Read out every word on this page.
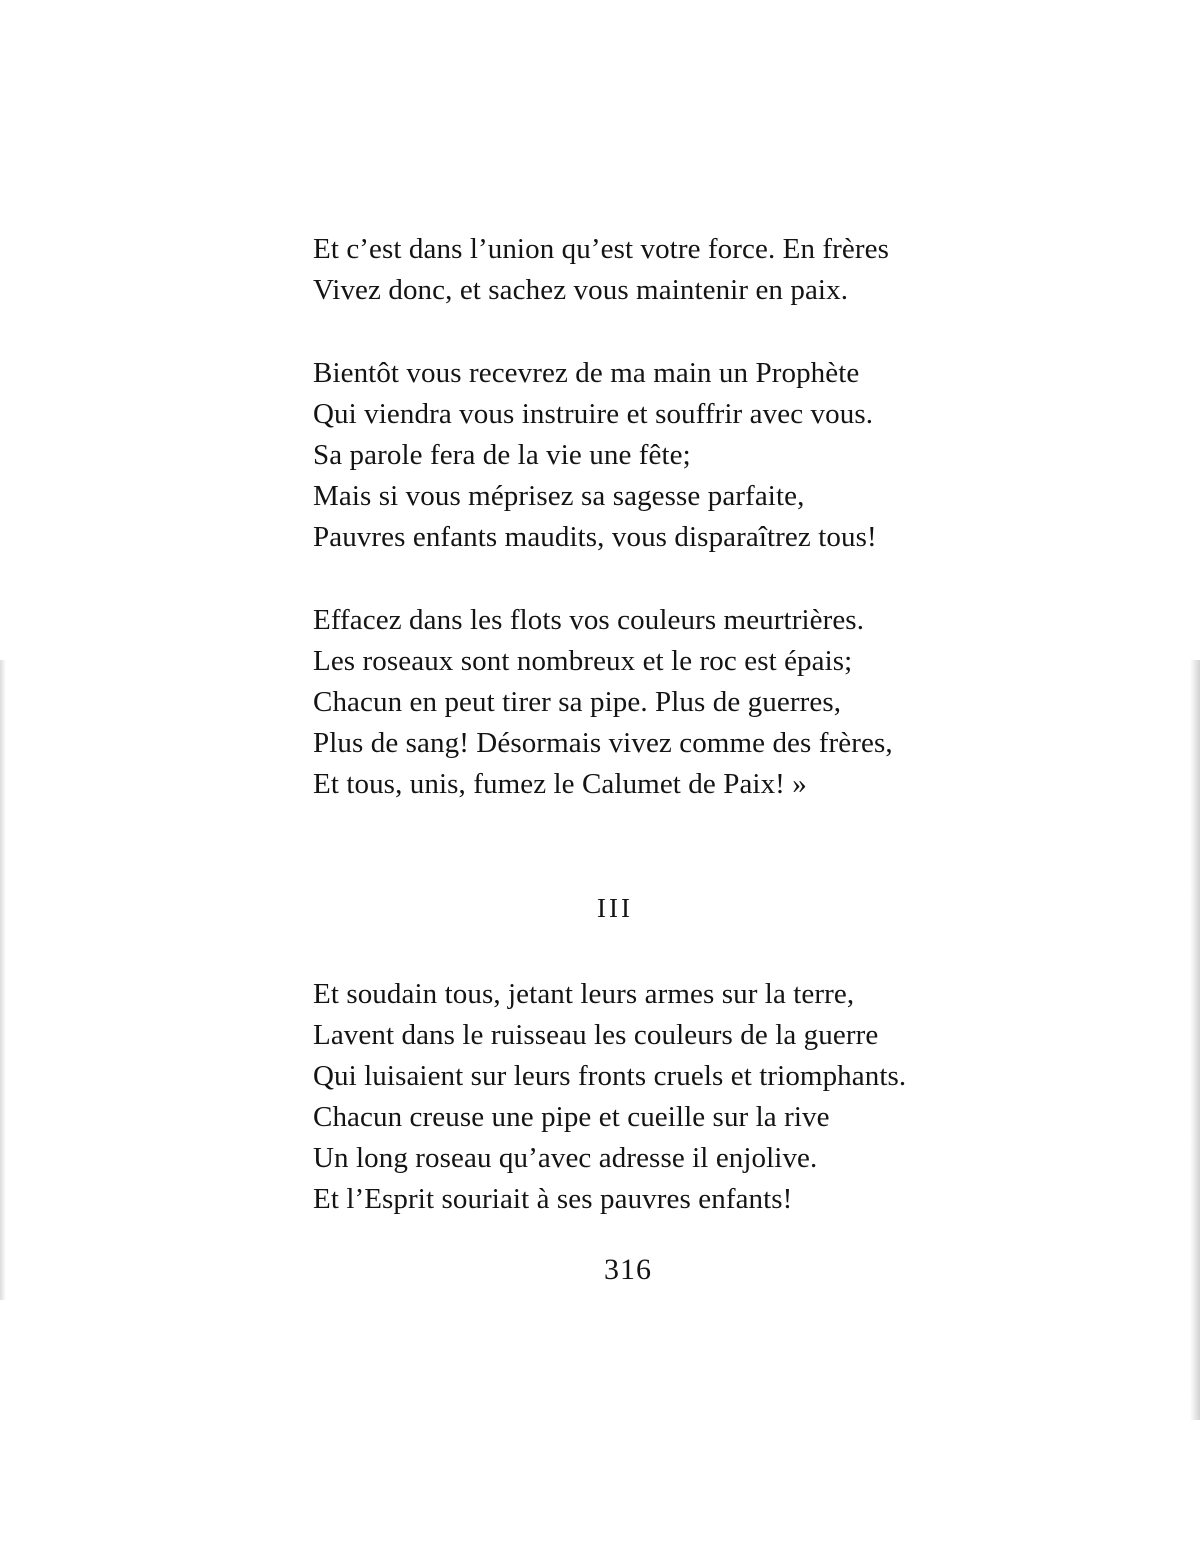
Et c’est dans l’union qu’est votre force. En frères
Vivez donc, et sachez vous maintenir en paix.
Bientôt vous recevrez de ma main un Prophète
Qui viendra vous instruire et souffrir avec vous.
Sa parole fera de la vie une fête;
Mais si vous méprisez sa sagesse parfaite,
Pauvres enfants maudits, vous disparaîtrez tous!
Effacez dans les flots vos couleurs meurtrières.
Les roseaux sont nombreux et le roc est épais;
Chacun en peut tirer sa pipe. Plus de guerres,
Plus de sang! Désormais vivez comme des frères,
Et tous, unis, fumez le Calumet de Paix! »
III
Et soudain tous, jetant leurs armes sur la terre,
Lavent dans le ruisseau les couleurs de la guerre
Qui luisaient sur leurs fronts cruels et triomphants.
Chacun creuse une pipe et cueille sur la rive
Un long roseau qu’avec adresse il enjolive.
Et l’Esprit souriait à ses pauvres enfants!
316
